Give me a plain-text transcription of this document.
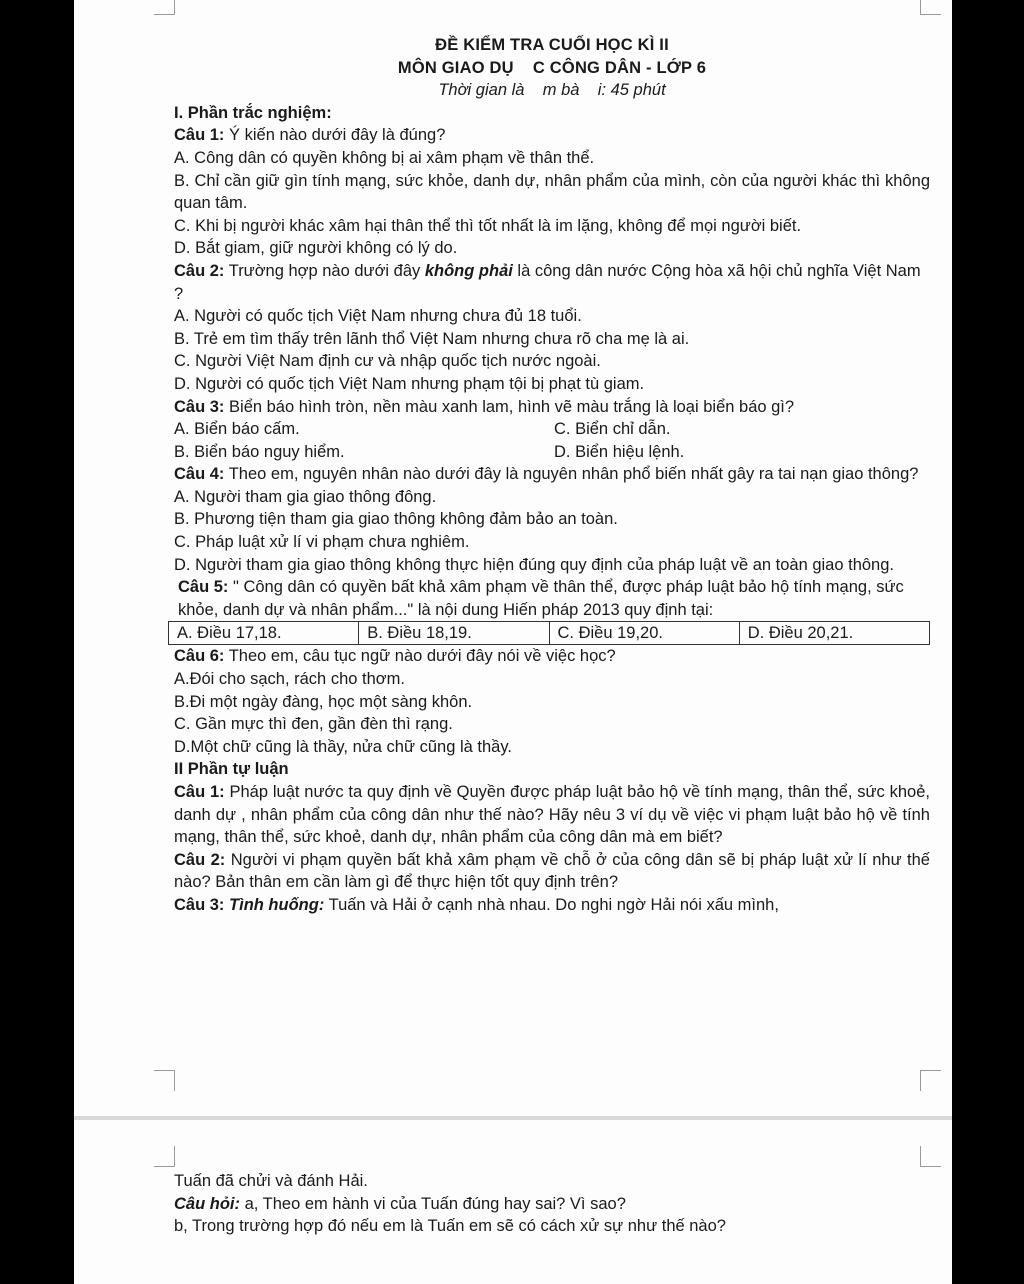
ĐỀ KIỂM TRA CUỐI HỌC KÌ II

MÔN GIAO DỤ    C CÔNG DÂN - LỚP 6

Thời gian là    m bà    i: 45 phút

I. Phần trắc nghiệm:

Câu 1: Ý kiến nào dưới đây là đúng?

A. Công dân có quyền không bị ai xâm phạm về thân thể.

B. Chỉ cần giữ gìn tính mạng, sức khỏe, danh dự, nhân phẩm của mình, còn của người khác thì không quan tâm.

C. Khi bị người khác xâm hại thân thể thì tốt nhất là im lặng, không để mọi người biết.

D. Bắt giam, giữ người không có lý do.

Câu 2: Trường hợp nào dưới đây không phải là công dân nước Cộng hòa xã hội chủ nghĩa Việt Nam ?

A. Người có quốc tịch Việt Nam nhưng chưa đủ 18 tuổi.

B. Trẻ em tìm thấy trên lãnh thổ Việt Nam nhưng chưa rõ cha mẹ là ai.

C. Người Việt Nam định cư và nhập quốc tịch nước ngoài.

D. Người có quốc tịch Việt Nam nhưng phạm tội bị phạt tù giam.

Câu 3: Biển báo hình tròn, nền màu xanh lam, hình vẽ màu trắng là loại biển báo gì?

A. Biển báo cấm.	C. Biển chỉ dẫn.
B. Biển báo nguy hiểm.	D. Biển hiệu lệnh.

Câu 4: Theo em, nguyên nhân nào dưới đây là nguyên nhân phổ biến nhất gây ra tai nạn giao thông?

A. Người tham gia giao thông đông.

B. Phương tiện tham gia giao thông không đảm bảo an toàn.

C. Pháp luật xử lí vi phạm chưa nghiêm.

D. Người tham gia giao thông không thực hiện đúng quy định của pháp luật về an toàn giao thông.

Câu 5: " Công dân có quyền bất khả xâm phạm về thân thể, được pháp luật bảo hộ tính mạng, sức khỏe, danh dự và nhân phẩm..." là nội dung Hiến pháp 2013 quy định tại:

A. Điều 17,18.	B. Điều 18,19.	C. Điều 19,20.	D. Điều 20,21.

Câu 6: Theo em, câu tục ngữ nào dưới đây nói về việc học?

A.Đói cho sạch, rách cho thơm.

B.Đi một ngày đàng, học một sàng khôn.

C. Gần mực thì đen, gần đèn thì rạng.

D.Một chữ cũng là thầy, nửa chữ cũng là thầy.

II Phần tự luận

Câu 1: Pháp luật nước ta quy định về Quyền được pháp luật bảo hộ về tính mạng, thân thể, sức khoẻ, danh dự , nhân phẩm của công dân như thế nào? Hãy nêu 3 ví dụ về việc vi phạm luật bảo hộ về tính mạng, thân thể, sức khoẻ, danh dự, nhân phẩm của công dân mà em biết?

Câu 2: Người vi phạm quyền bất khả xâm phạm về chỗ ở của công dân sẽ bị pháp luật xử lí như thế nào? Bản thân em cần làm gì để thực hiện tốt quy định trên?

Câu 3: Tình huống: Tuấn và Hải ở cạnh nhà nhau. Do nghi ngờ Hải nói xấu mình,

Tuấn đã chửi và đánh Hải.

Câu hỏi: a, Theo em hành vi của Tuấn đúng hay sai? Vì sao?

b, Trong trường hợp đó nếu em là Tuấn em sẽ có cách xử sự như thế nào?
